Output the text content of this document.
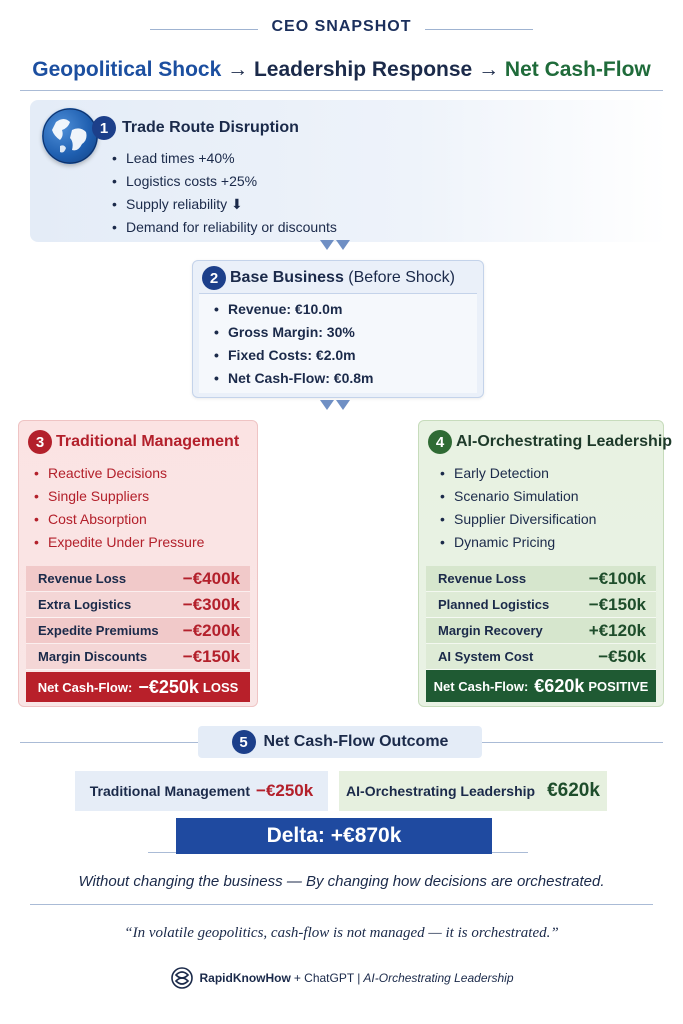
CEO SNAPSHOT
Geopolitical Shock → Leadership Response → Net Cash-Flow
1 Trade Route Disruption
• Lead times +40%
• Logistics costs +25%
• Supply reliability ⬇
• Demand for reliability or discounts
2 Base Business (Before Shock)
• Revenue: €10.0m
• Gross Margin: 30%
• Fixed Costs: €2.0m
• Net Cash-Flow: €0.8m
3 Traditional Management
• Reactive Decisions
• Single Suppliers
• Cost Absorption
• Expedite Under Pressure
Revenue Loss	−€400k
Extra Logistics	−€300k
Expedite Premiums −€200k
Margin Discounts −€150k
Net Cash-Flow: −€250k LOSS
4 AI-Orchestrating Leadership
• Early Detection
• Scenario Simulation
• Supplier Diversification
• Dynamic Pricing
Revenue Loss	−€100k
Planned Logistics −€150k
Margin Recovery	+€120k
AI System Cost	−€50k
Net Cash-Flow: €620k POSITIVE
5 Net Cash-Flow Outcome
Traditional Management −€250k AI-Orchestrating Leadership €620k
Delta: +€870k
Without changing the business — By changing how decisions are orchestrated.
“In volatile geopolitics, cash-flow is not managed — it is orchestrated.”
RapidKnowHow + ChatGPT | AI-Orchestrating Leadership
